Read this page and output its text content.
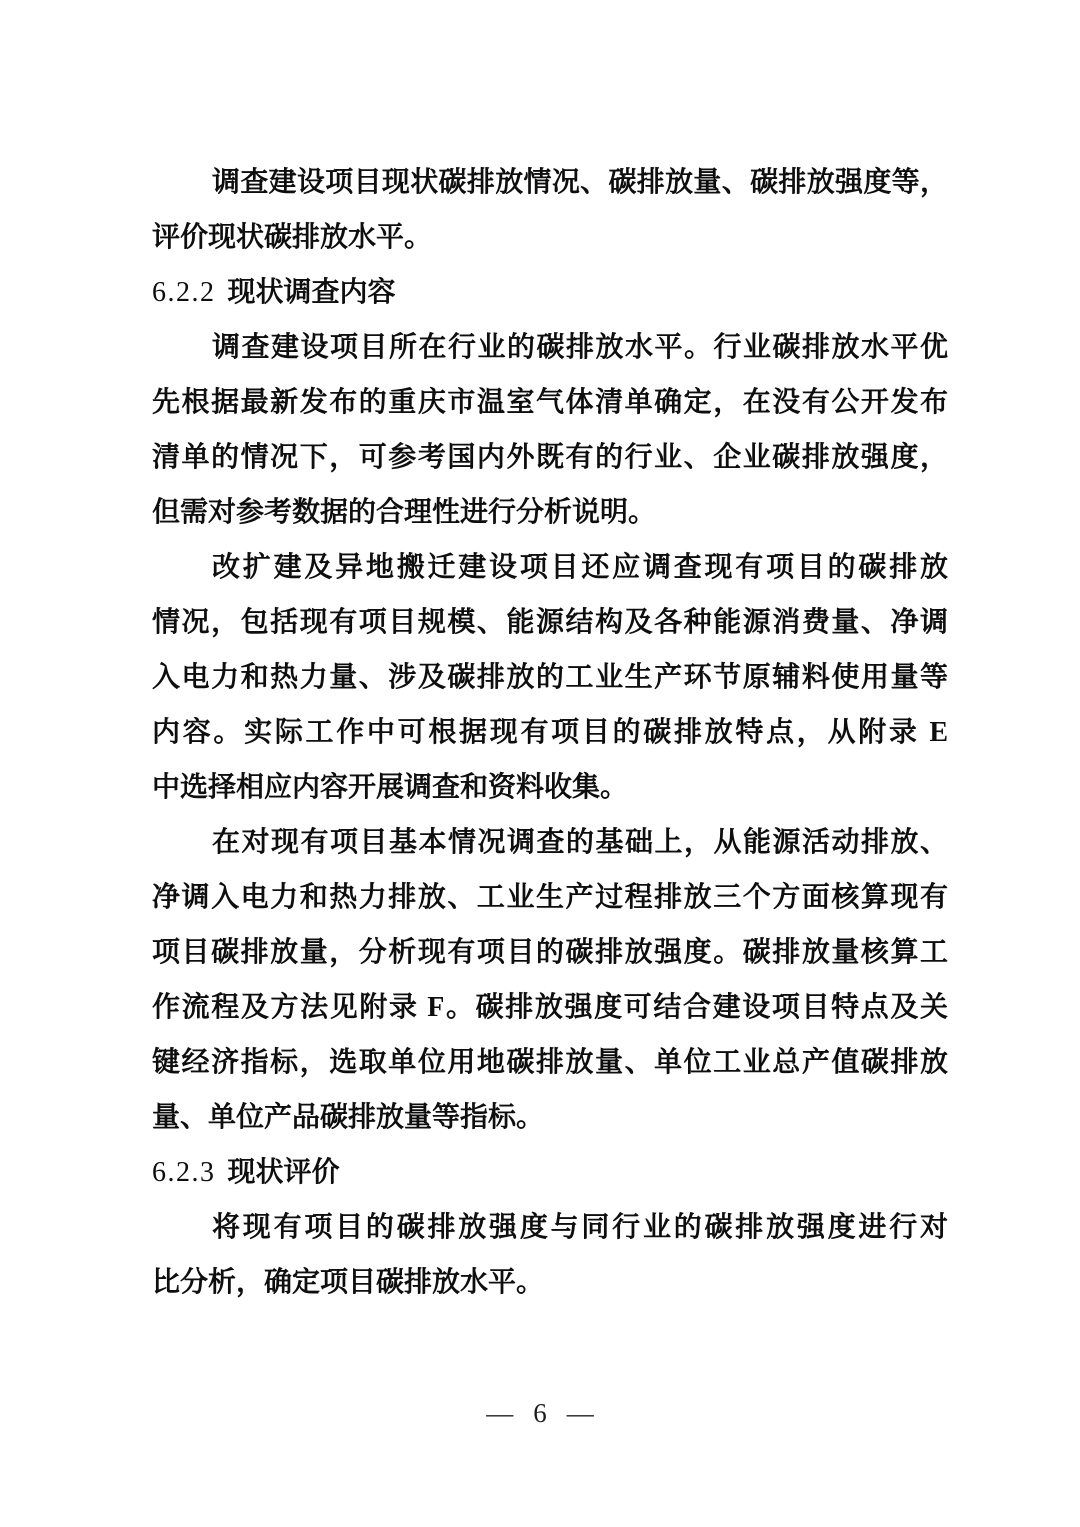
调查建设项目现状碳排放情况、碳排放量、碳排放强度等，
评价现状碳排放水平。
6.2.2 现状调查内容
调查建设项目所在行业的碳排放水平。行业碳排放水平优
先根据最新发布的重庆市温室气体清单确定，在没有公开发布
清单的情况下，可参考国内外既有的行业、企业碳排放强度，
但需对参考数据的合理性进行分析说明。
改扩建及异地搬迁建设项目还应调查现有项目的碳排放
情况，包括现有项目规模、能源结构及各种能源消费量、净调
入电力和热力量、涉及碳排放的工业生产环节原辅料使用量等
内容。实际工作中可根据现有项目的碳排放特点，从附录 E
中选择相应内容开展调查和资料收集。
在对现有项目基本情况调查的基础上，从能源活动排放、
净调入电力和热力排放、工业生产过程排放三个方面核算现有
项目碳排放量，分析现有项目的碳排放强度。碳排放量核算工
作流程及方法见附录 F。碳排放强度可结合建设项目特点及关
键经济指标，选取单位用地碳排放量、单位工业总产值碳排放
量、单位产品碳排放量等指标。
6.2.3 现状评价
将现有项目的碳排放强度与同行业的碳排放强度进行对
比分析，确定项目碳排放水平。
— 6 —
